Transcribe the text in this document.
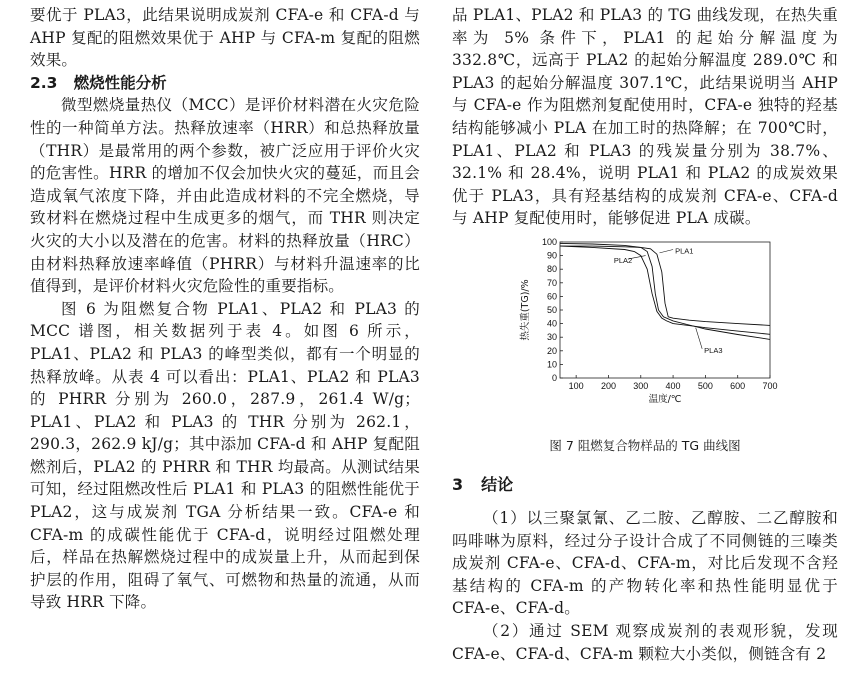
要优于 PLA3，此结果说明成炭剂 CFA-e 和 CFA-d 与 AHP 复配的阻燃效果优于 AHP 与 CFA-m 复配的阻燃效果。

2.3 燃烧性能分析

微型燃烧量热仪（MCC）是评价材料潜在火灾危险性的一种简单方法。热释放速率（HRR）和总热释放量（THR）是最常用的两个参数，被广泛应用于评价火灾的危害性。HRR 的增加不仅会加快火灾的蔓延，而且会造成氧气浓度下降，并由此造成材料的不完全燃烧，导致材料在燃烧过程中生成更多的烟气，而 THR 则决定火灾的大小以及潜在的危害。材料的热释放量（HRC）由材料热释放速率峰值（PHRR）与材料升温速率的比值得到，是评价材料火灾危险性的重要指标。

图 6 为阻燃复合物 PLA1、PLA2 和 PLA3 的 MCC 谱图，相关数据列于表 4。如图 6 所示，PLA1、PLA2 和 PLA3 的峰型类似，都有一个明显的热释放峰。从表 4 可以看出：PLA1、PLA2 和 PLA3 的 PHRR 分别为 260.0，287.9，261.4 W/g；PLA1、PLA2 和 PLA3 的 THR 分别为 262.1，290.3，262.9 kJ/g；其中添加 CFA-d 和 AHP 复配阻燃剂后，PLA2 的 PHRR 和 THR 均最高。从测试结果可知，经过阻燃改性后 PLA1 和 PLA3 的阻燃性能优于 PLA2，这与成炭剂 TGA 分析结果一致。CFA-e 和 CFA-m 的成碳性能优于 CFA-d，说明经过阻燃处理后，样品在热解燃烧过程中的成炭量上升，从而起到保护层的作用，阻碍了氧气、可燃物和热量的流通，从而导致 HRR 下降。

品 PLA1、PLA2 和 PLA3 的 TG 曲线发现，在热失重率为 5% 条件下，PLA1 的起始分解温度为 332.8℃，远高于 PLA2 的起始分解温度 289.0℃ 和 PLA3 的起始分解温度 307.1℃，此结果说明当 AHP 与 CFA-e 作为阻燃剂复配使用时，CFA-e 独特的羟基结构能够减小 PLA 在加工时的热降解；在 700℃时，PLA1、PLA2 和 PLA3 的残炭量分别为 38.7%、32.1% 和 28.4%，说明 PLA1 和 PLA2 的成炭效果优于 PLA3，具有羟基结构的成炭剂 CFA-e、CFA-d 与 AHP 复配使用时，能够促进 PLA 成碳。

100 200 300 400 500 600 700
0
10
20
30
40
50
60
70
80
90
100
温度/℃
热失重(TG)/%
PLA1
PLA2
PLA3
图 7 阻燃复合物样品的 TG 曲线图
3 结论

（1）以三聚氯氰、乙二胺、乙醇胺、二乙醇胺和吗啡啉为原料，经过分子设计合成了不同侧链的三嗪类成炭剂 CFA-e、CFA-d、CFA-m，对比后发现不含羟基结构的 CFA-m 的产物转化率和热性能明显优于 CFA-e、CFA-d。

（2）通过 SEM 观察成炭剂的表观形貌，发现 CFA-e、CFA-d、CFA-m 颗粒大小类似，侧链含有 2
